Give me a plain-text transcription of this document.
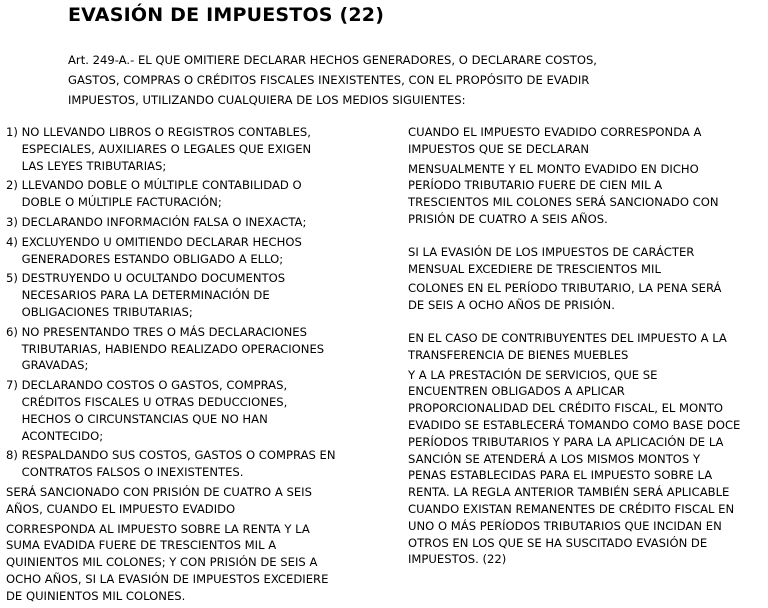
EVASIÓN DE IMPUESTOS (22)
Art. 249-A.- EL QUE OMITIERE DECLARAR HECHOS GENERADORES, O DECLARARE COSTOS,
GASTOS, COMPRAS O CRÉDITOS FISCALES INEXISTENTES, CON EL PROPÓSITO DE EVADIR
IMPUESTOS, UTILIZANDO CUALQUIERA DE LOS MEDIOS SIGUIENTES:
1) NO LLEVANDO LIBROS O REGISTROS CONTABLES,
ESPECIALES, AUXILIARES O LEGALES QUE EXIGEN
LAS LEYES TRIBUTARIAS;
2) LLEVANDO DOBLE O MÚLTIPLE CONTABILIDAD O
DOBLE O MÚLTIPLE FACTURACIÓN;
3) DECLARANDO INFORMACIÓN FALSA O INEXACTA;
4) EXCLUYENDO U OMITIENDO DECLARAR HECHOS
GENERADORES ESTANDO OBLIGADO A ELLO;
5) DESTRUYENDO U OCULTANDO DOCUMENTOS
NECESARIOS PARA LA DETERMINACIÓN DE
OBLIGACIONES TRIBUTARIAS;
6) NO PRESENTANDO TRES O MÁS DECLARACIONES
TRIBUTARIAS, HABIENDO REALIZADO OPERACIONES
GRAVADAS;
7) DECLARANDO COSTOS O GASTOS, COMPRAS,
CRÉDITOS FISCALES U OTRAS DEDUCCIONES,
HECHOS O CIRCUNSTANCIAS QUE NO HAN
ACONTECIDO;
8) RESPALDANDO SUS COSTOS, GASTOS O COMPRAS EN
CONTRATOS FALSOS O INEXISTENTES.
SERÁ SANCIONADO CON PRISIÓN DE CUATRO A SEIS
AÑOS, CUANDO EL IMPUESTO EVADIDO
CORRESPONDA AL IMPUESTO SOBRE LA RENTA Y LA
SUMA EVADIDA FUERE DE TRESCIENTOS MIL A
QUINIENTOS MIL COLONES; Y CON PRISIÓN DE SEIS A
OCHO AÑOS, SI LA EVASIÓN DE IMPUESTOS EXCEDIERE
DE QUINIENTOS MIL COLONES.
CUANDO EL IMPUESTO EVADIDO CORRESPONDA A
IMPUESTOS QUE SE DECLARAN
MENSUALMENTE Y EL MONTO EVADIDO EN DICHO
PERÍODO TRIBUTARIO FUERE DE CIEN MIL A
TRESCIENTOS MIL COLONES SERÁ SANCIONADO CON
PRISIÓN DE CUATRO A SEIS AÑOS.
SI LA EVASIÓN DE LOS IMPUESTOS DE CARÁCTER
MENSUAL EXCEDIERE DE TRESCIENTOS MIL
COLONES EN EL PERÍODO TRIBUTARIO, LA PENA SERÁ
DE SEIS A OCHO AÑOS DE PRISIÓN.
EN EL CASO DE CONTRIBUYENTES DEL IMPUESTO A LA
TRANSFERENCIA DE BIENES MUEBLES
Y A LA PRESTACIÓN DE SERVICIOS, QUE SE
ENCUENTREN OBLIGADOS A APLICAR
PROPORCIONALIDAD DEL CRÉDITO FISCAL, EL MONTO
EVADIDO SE ESTABLECERÁ TOMANDO COMO BASE DOCE
PERÍODOS TRIBUTARIOS Y PARA LA APLICACIÓN DE LA
SANCIÓN SE ATENDERÁ A LOS MISMOS MONTOS Y
PENAS ESTABLECIDAS PARA EL IMPUESTO SOBRE LA
RENTA. LA REGLA ANTERIOR TAMBIÉN SERÁ APLICABLE
CUANDO EXISTAN REMANENTES DE CRÉDITO FISCAL EN
UNO O MÁS PERÍODOS TRIBUTARIOS QUE INCIDAN EN
OTROS EN LOS QUE SE HA SUSCITADO EVASIÓN DE
IMPUESTOS. (22)
